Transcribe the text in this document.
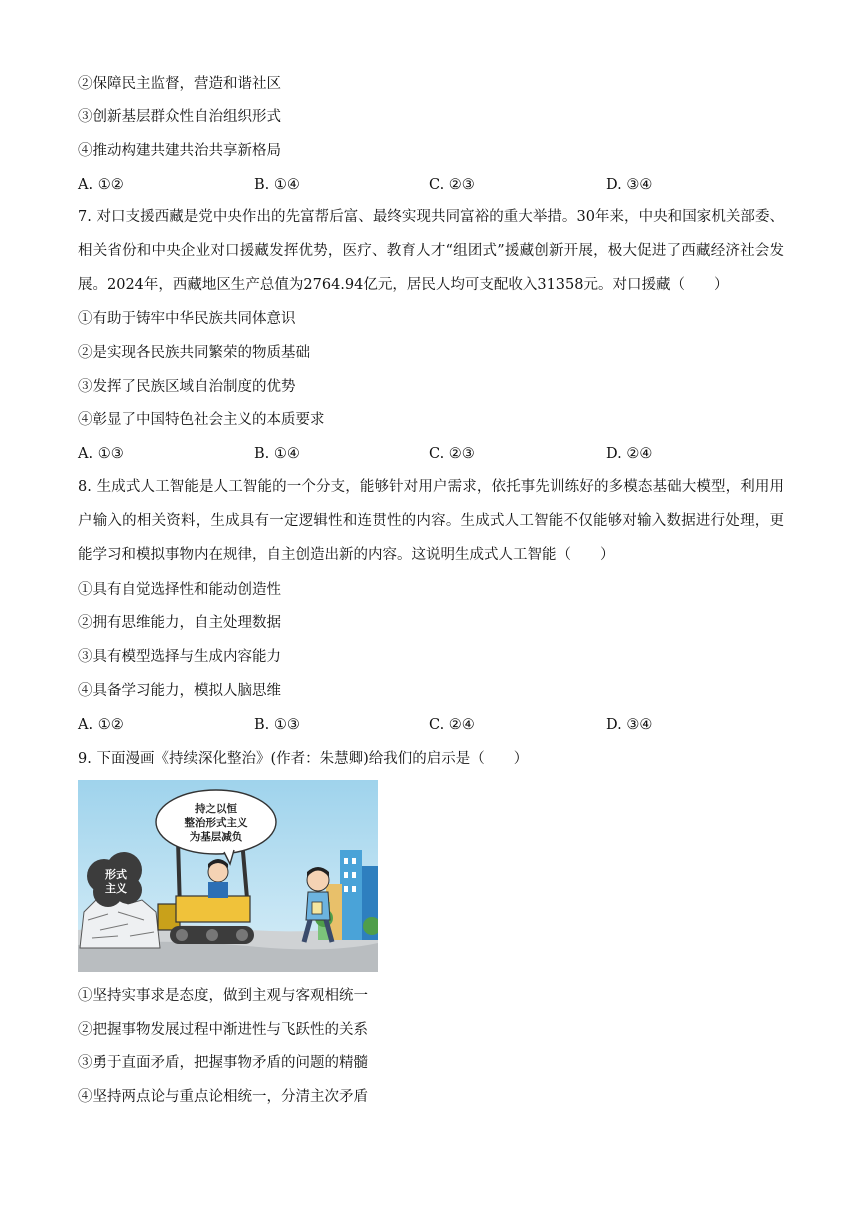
②保障民主监督，营造和谐社区
③创新基层群众性自治组织形式
④推动构建共建共治共享新格局
A. ①②	B. ①④	C. ②③	D. ③④
7. 对口支援西藏是党中央作出的先富帮后富、最终实现共同富裕的重大举措。30年来，中央和国家机关部委、相关省份和中央企业对口援藏发挥优势，医疗、教育人才“组团式”援藏创新开展，极大促进了西藏经济社会发展。2024年，西藏地区生产总值为2764.94亿元，居民人均可支配收入31358元。对口援藏（　　）
①有助于铸牢中华民族共同体意识
②是实现各民族共同繁荣的物质基础
③发挥了民族区域自治制度的优势
④彰显了中国特色社会主义的本质要求
A. ①③	B. ①④	C. ②③	D. ②④
8. 生成式人工智能是人工智能的一个分支，能够针对用户需求，依托事先训练好的多模态基础大模型，利用用户输入的相关资料，生成具有一定逻辑性和连贯性的内容。生成式人工智能不仅能够对输入数据进行处理，更能学习和模拟事物内在规律，自主创造出新的内容。这说明生成式人工智能（　　）
①具有自觉选择性和能动创造性
②拥有思维能力，自主处理数据
③具有模型选择与生成内容能力
④具备学习能力，模拟人脑思维
A. ①②	B. ①③	C. ②④	D. ③④
9. 下面漫画《持续深化整治》(作者：朱慧卿)给我们的启示是（　　）
形式
主义
持之以恒
整治形式主义
为基层减负
①坚持实事求是态度，做到主观与客观相统一
②把握事物发展过程中渐进性与飞跃性的关系
③勇于直面矛盾，把握事物矛盾的问题的精髓
④坚持两点论与重点论相统一，分清主次矛盾
